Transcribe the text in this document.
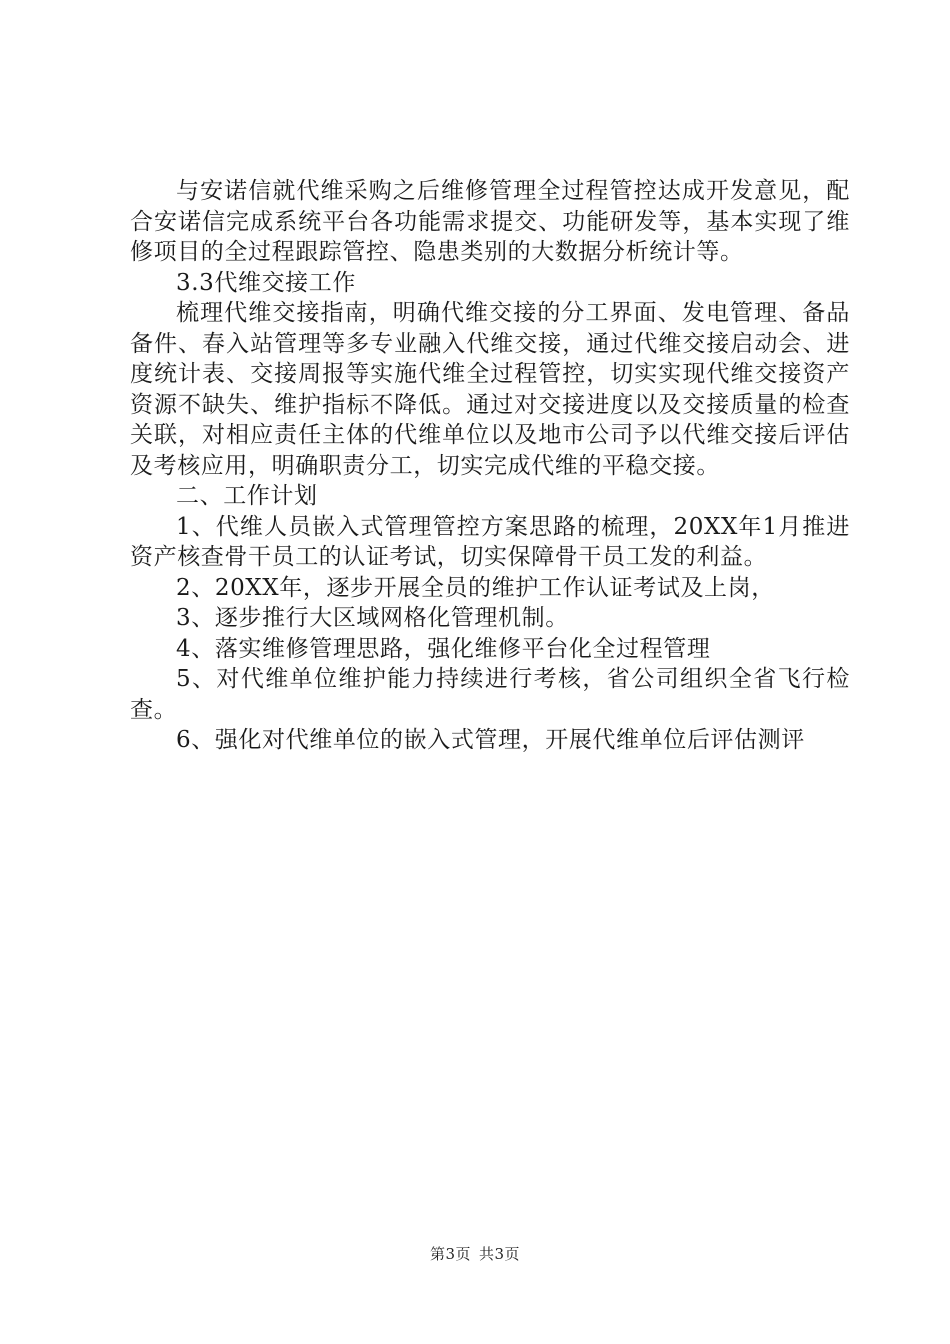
与安诺信就代维采购之后维修管理全过程管控达成开发意见，配合安诺信完成系统平台各功能需求提交、功能研发等，基本实现了维修项目的全过程跟踪管控、隐患类别的大数据分析统计等。

3.3代维交接工作

梳理代维交接指南，明确代维交接的分工界面、发电管理、备品备件、春入站管理等多专业融入代维交接，通过代维交接启动会、进度统计表、交接周报等实施代维全过程管控，切实实现代维交接资产资源不缺失、维护指标不降低。通过对交接进度以及交接质量的检查关联，对相应责任主体的代维单位以及地市公司予以代维交接后评估及考核应用，明确职责分工，切实完成代维的平稳交接。

二、工作计划

1、代维人员嵌入式管理管控方案思路的梳理，20XX年1月推进资产核查骨干员工的认证考试，切实保障骨干员工发的利益。

2、20XX年，逐步开展全员的维护工作认证考试及上岗，

3、逐步推行大区域网格化管理机制。

4、落实维修管理思路，强化维修平台化全过程管理

5、对代维单位维护能力持续进行考核，省公司组织全省飞行检查。

6、强化对代维单位的嵌入式管理，开展代维单位后评估测评

第3页 共3页
